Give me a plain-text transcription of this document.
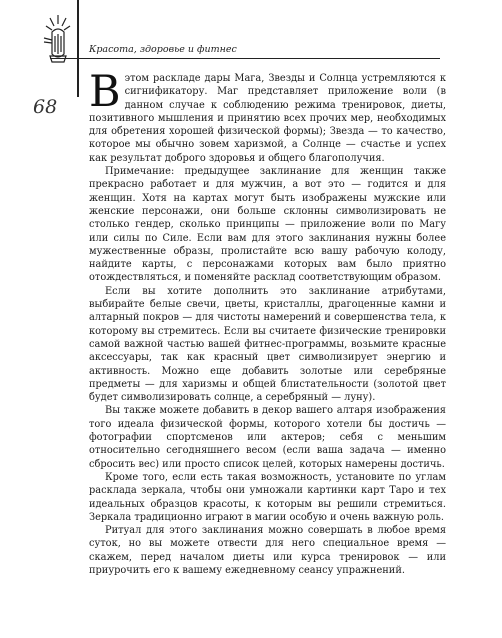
Красота, здоровье и фитнес
68 Вэтом раскладе дары Мага, Звезды и Солнца устремляются к сигнификатору. Маг представляет приложение воли (в данном случае к соблюдению режима тренировок, диеты, позитивного мышления и принятию всех прочих мер, необходимых для обретения хорошей физической формы); Звезда — то качество, которое мы обычно зовем харизмой, а Солнце — счастье и успех как результат доброго здоровья и общего благополучия.

Примечание: предыдущее заклинание для женщин также прекрасно работает и для мужчин, а вот это — годится и для женщин. Хотя на картах могут быть изображены мужские или женские персонажи, они больше склонны символизировать не столько гендер, сколько принципы — приложение воли по Магу или силы по Силе. Если вам для этого заклинания нужны более мужественные образы, пролистайте всю вашу рабочую колоду, найдите карты, с персонажами которых вам было приятно отождествляться, и поменяйте расклад соответствующим образом.

Если вы хотите дополнить это заклинание атрибутами, выбирайте белые свечи, цветы, кристаллы, драгоценные камни и алтарный покров — для чистоты намерений и совершенства тела, к которому вы стремитесь. Если вы считаете физические тренировки самой важной частью вашей фитнес-программы, возьмите красные аксессуары, так как красный цвет символизирует энергию и активность. Можно еще добавить золотые или серебряные предметы — для харизмы и общей блистательности (золотой цвет будет символизировать солнце, а серебряный — луну).

Вы также можете добавить в декор вашего алтаря изображения того идеала физической формы, которого хотели бы достичь — фотографии спортсменов или актеров; себя с меньшим относительно сегодняшнего весом (если ваша задача — именно сбросить вес) или просто список целей, которых намерены достичь.

Кроме того, если есть такая возможность, установите по углам расклада зеркала, чтобы они умножали картинки карт Таро и тех идеальных образцов красоты, к которым вы решили стремиться. Зеркала традиционно играют в магии особую и очень важную роль.

Ритуал для этого заклинания можно совершать в любое время суток, но вы можете отвести для него специальное время — скажем, перед началом диеты или курса тренировок — или приурочить его к вашему ежедневному сеансу упражнений.
